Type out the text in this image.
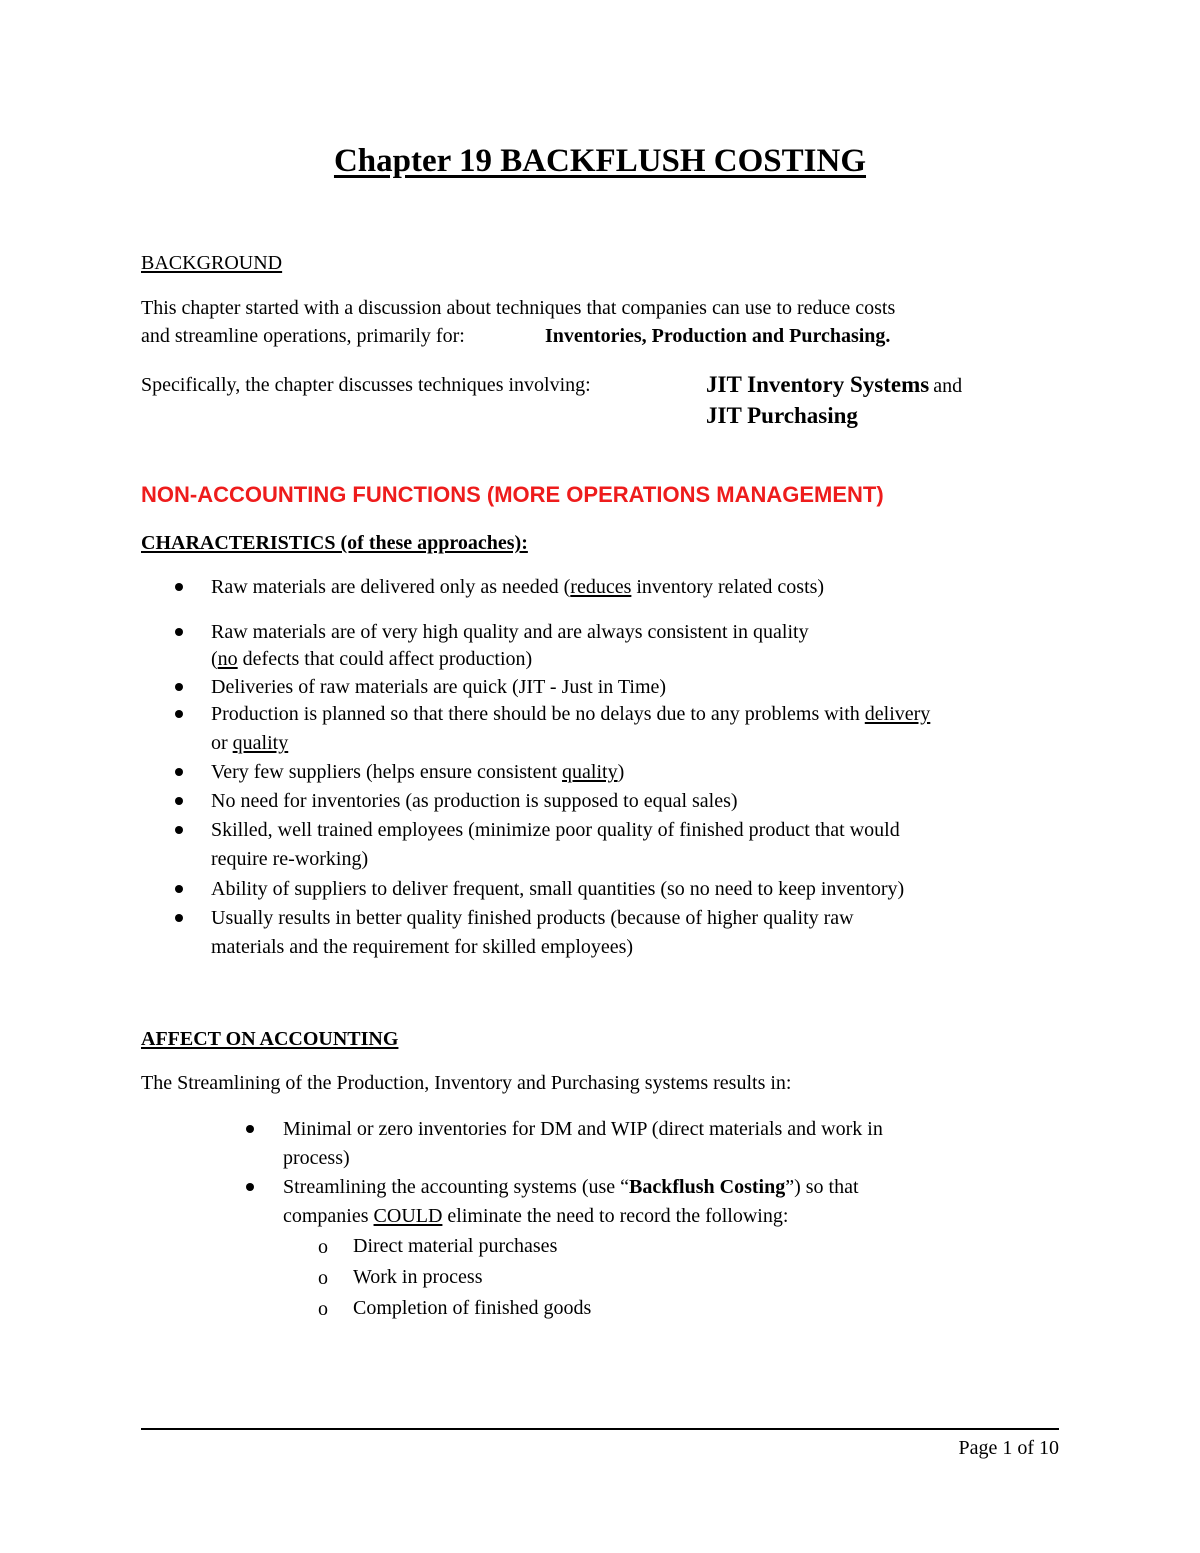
Chapter 19 BACKFLUSH COSTING
BACKGROUND
This chapter started with a discussion about techniques that companies can use to reduce costs
and streamline operations, primarily for:	Inventories, Production and Purchasing.
Specifically, the chapter discusses techniques involving:	JIT Inventory Systems and
JIT Purchasing
NON-ACCOUNTING FUNCTIONS (MORE OPERATIONS MANAGEMENT)
CHARACTERISTICS (of these approaches):
Raw materials are delivered only as needed (reduces inventory related costs)
Raw materials are of very high quality and are always consistent in quality
(no defects that could affect production)
Deliveries of raw materials are quick (JIT - Just in Time)
Production is planned so that there should be no delays due to any problems with delivery
or quality
Very few suppliers (helps ensure consistent quality)
No need for inventories (as production is supposed to equal sales)
Skilled, well trained employees (minimize poor quality of finished product that would
require re-working)
Ability of suppliers to deliver frequent, small quantities (so no need to keep inventory)
Usually results in better quality finished products (because of higher quality raw
materials and the requirement for skilled employees)
AFFECT ON ACCOUNTING
The Streamlining of the Production, Inventory and Purchasing systems results in:
Minimal or zero inventories for DM and WIP (direct materials and work in
process)
Streamlining the accounting systems (use “Backflush Costing”) so that
companies COULD eliminate the need to record the following:
o Direct material purchases
o Work in process
o Completion of finished goods
Page 1 of 10
